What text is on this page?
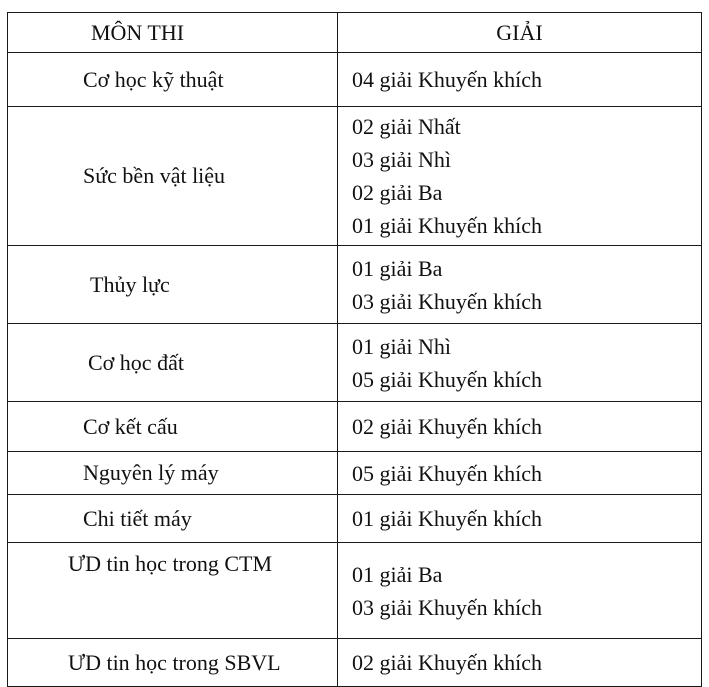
MÔN THI	GIẢI
Cơ học kỹ thuật	04 giải Khuyến khích

Sức bền vật liệu	02 giải Nhất
03 giải Nhì
02 giải Ba
01 giải Khuyến khích

Thủy lực	01 giải Ba
03 giải Khuyến khích

Cơ học đất	01 giải Nhì
05 giải Khuyến khích

Cơ kết cấu	02 giải Khuyến khích

Nguyên lý máy	05 giải Khuyến khích

Chi tiết máy	01 giải Khuyến khích

ƯD tin học trong CTM	01 giải Ba
03 giải Khuyến khích

ƯD tin học trong SBVL	02 giải Khuyến khích
